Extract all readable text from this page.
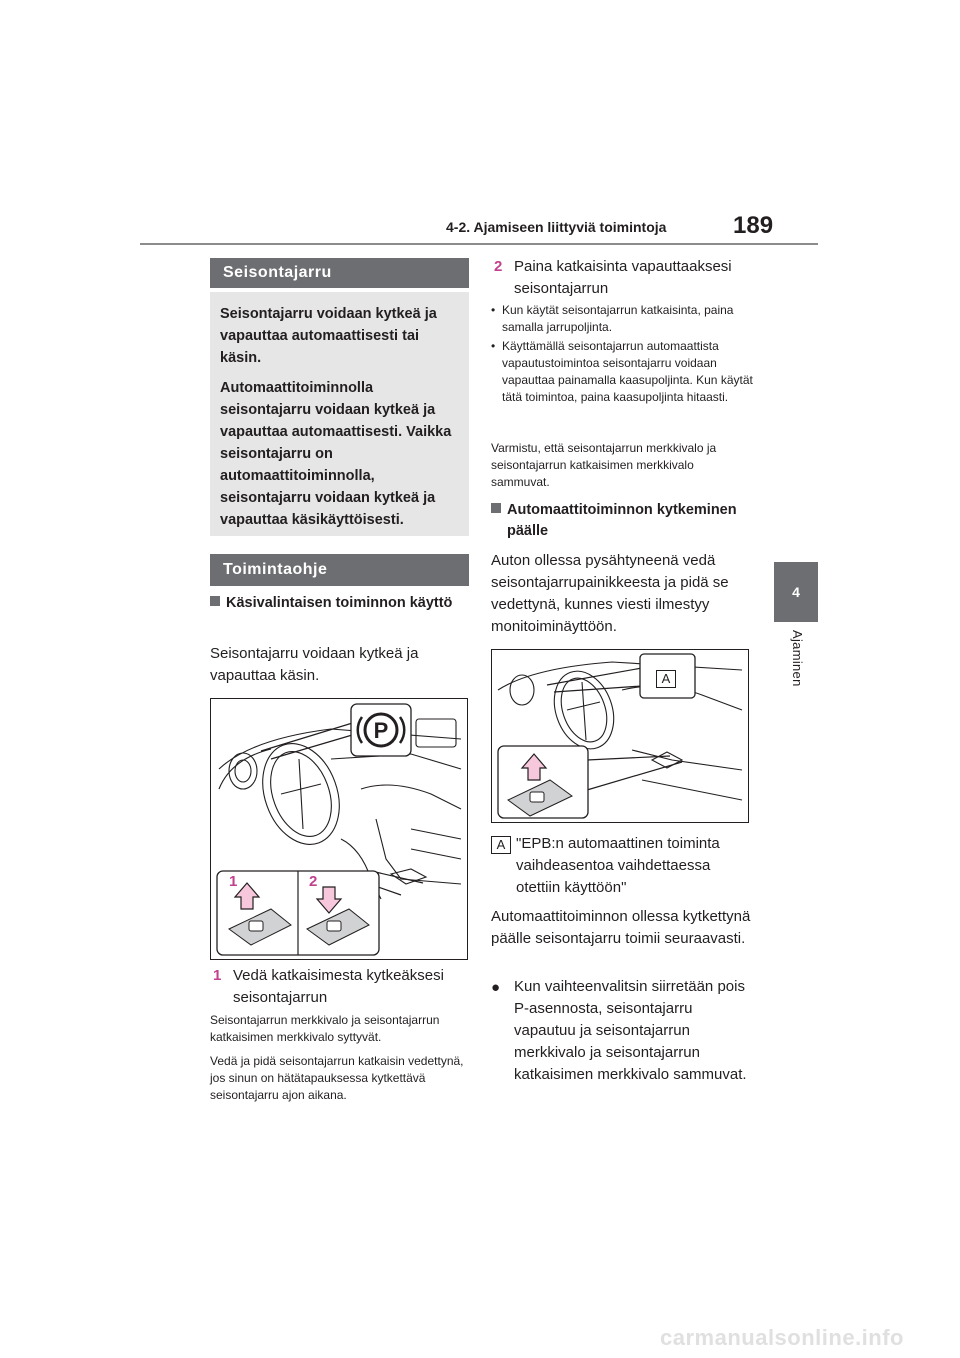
4-2. Ajamiseen liittyviä toimintoja	189
4
Ajaminen
Seisontajarru

Seisontajarru voidaan kytkeä ja vapauttaa automaattisesti tai käsin.

Automaattitoiminnolla seisontajarru voidaan kytkeä ja vapauttaa automaattisesti. Vaikka seisontajarru on automaattitoiminnolla, seisontajarru voidaan kytkeä ja vapauttaa käsikäyttöisesti.

Toimintaohje
Käsivalintaisen toiminnon käyttö
Seisontajarru voidaan kytkeä ja vapauttaa käsin.
P
1	2
1 Vedä katkaisimesta kytkeäksesi seisontajarrun
Seisontajarrun merkkivalo ja seisontajarrun katkaisimen merkkivalo syttyvät.
Vedä ja pidä seisontajarrun katkaisin vedettynä, jos sinun on hätätapauksessa kytkettävä seisontajarru ajon aikana.
2 Paina katkaisinta vapauttaaksesi seisontajarrun
• Kun käytät seisontajarrun katkaisinta, paina samalla jarrupoljinta.
• Käyttämällä seisontajarrun automaattista vapautustoimintoa seisontajarru voidaan vapauttaa painamalla kaasupoljinta. Kun käytät tätä toimintoa, paina kaasupoljinta hitaasti.
Varmistu, että seisontajarrun merkkivalo ja seisontajarrun katkaisimen merkkivalo sammuvat.
Automaattitoiminnon kytkeminen päälle
Auton ollessa pysähtyneenä vedä seisontajarrupainikkeesta ja pidä se vedettynä, kunnes viesti ilmestyy monitoiminäyttöön.
A
A "EPB:n automaattinen toiminta vaihdeasentoa vaihdettaessa otettiin käyttöön"
Automaattitoiminnon ollessa kytkettynä päälle seisontajarru toimii seuraavasti.
● Kun vaihteenvalitsin siirretään pois P-asennosta, seisontajarru vapautuu ja seisontajarrun merkkivalo ja seisontajarrun katkaisimen merkkivalo sammuvat.
carmanualsonline.info
